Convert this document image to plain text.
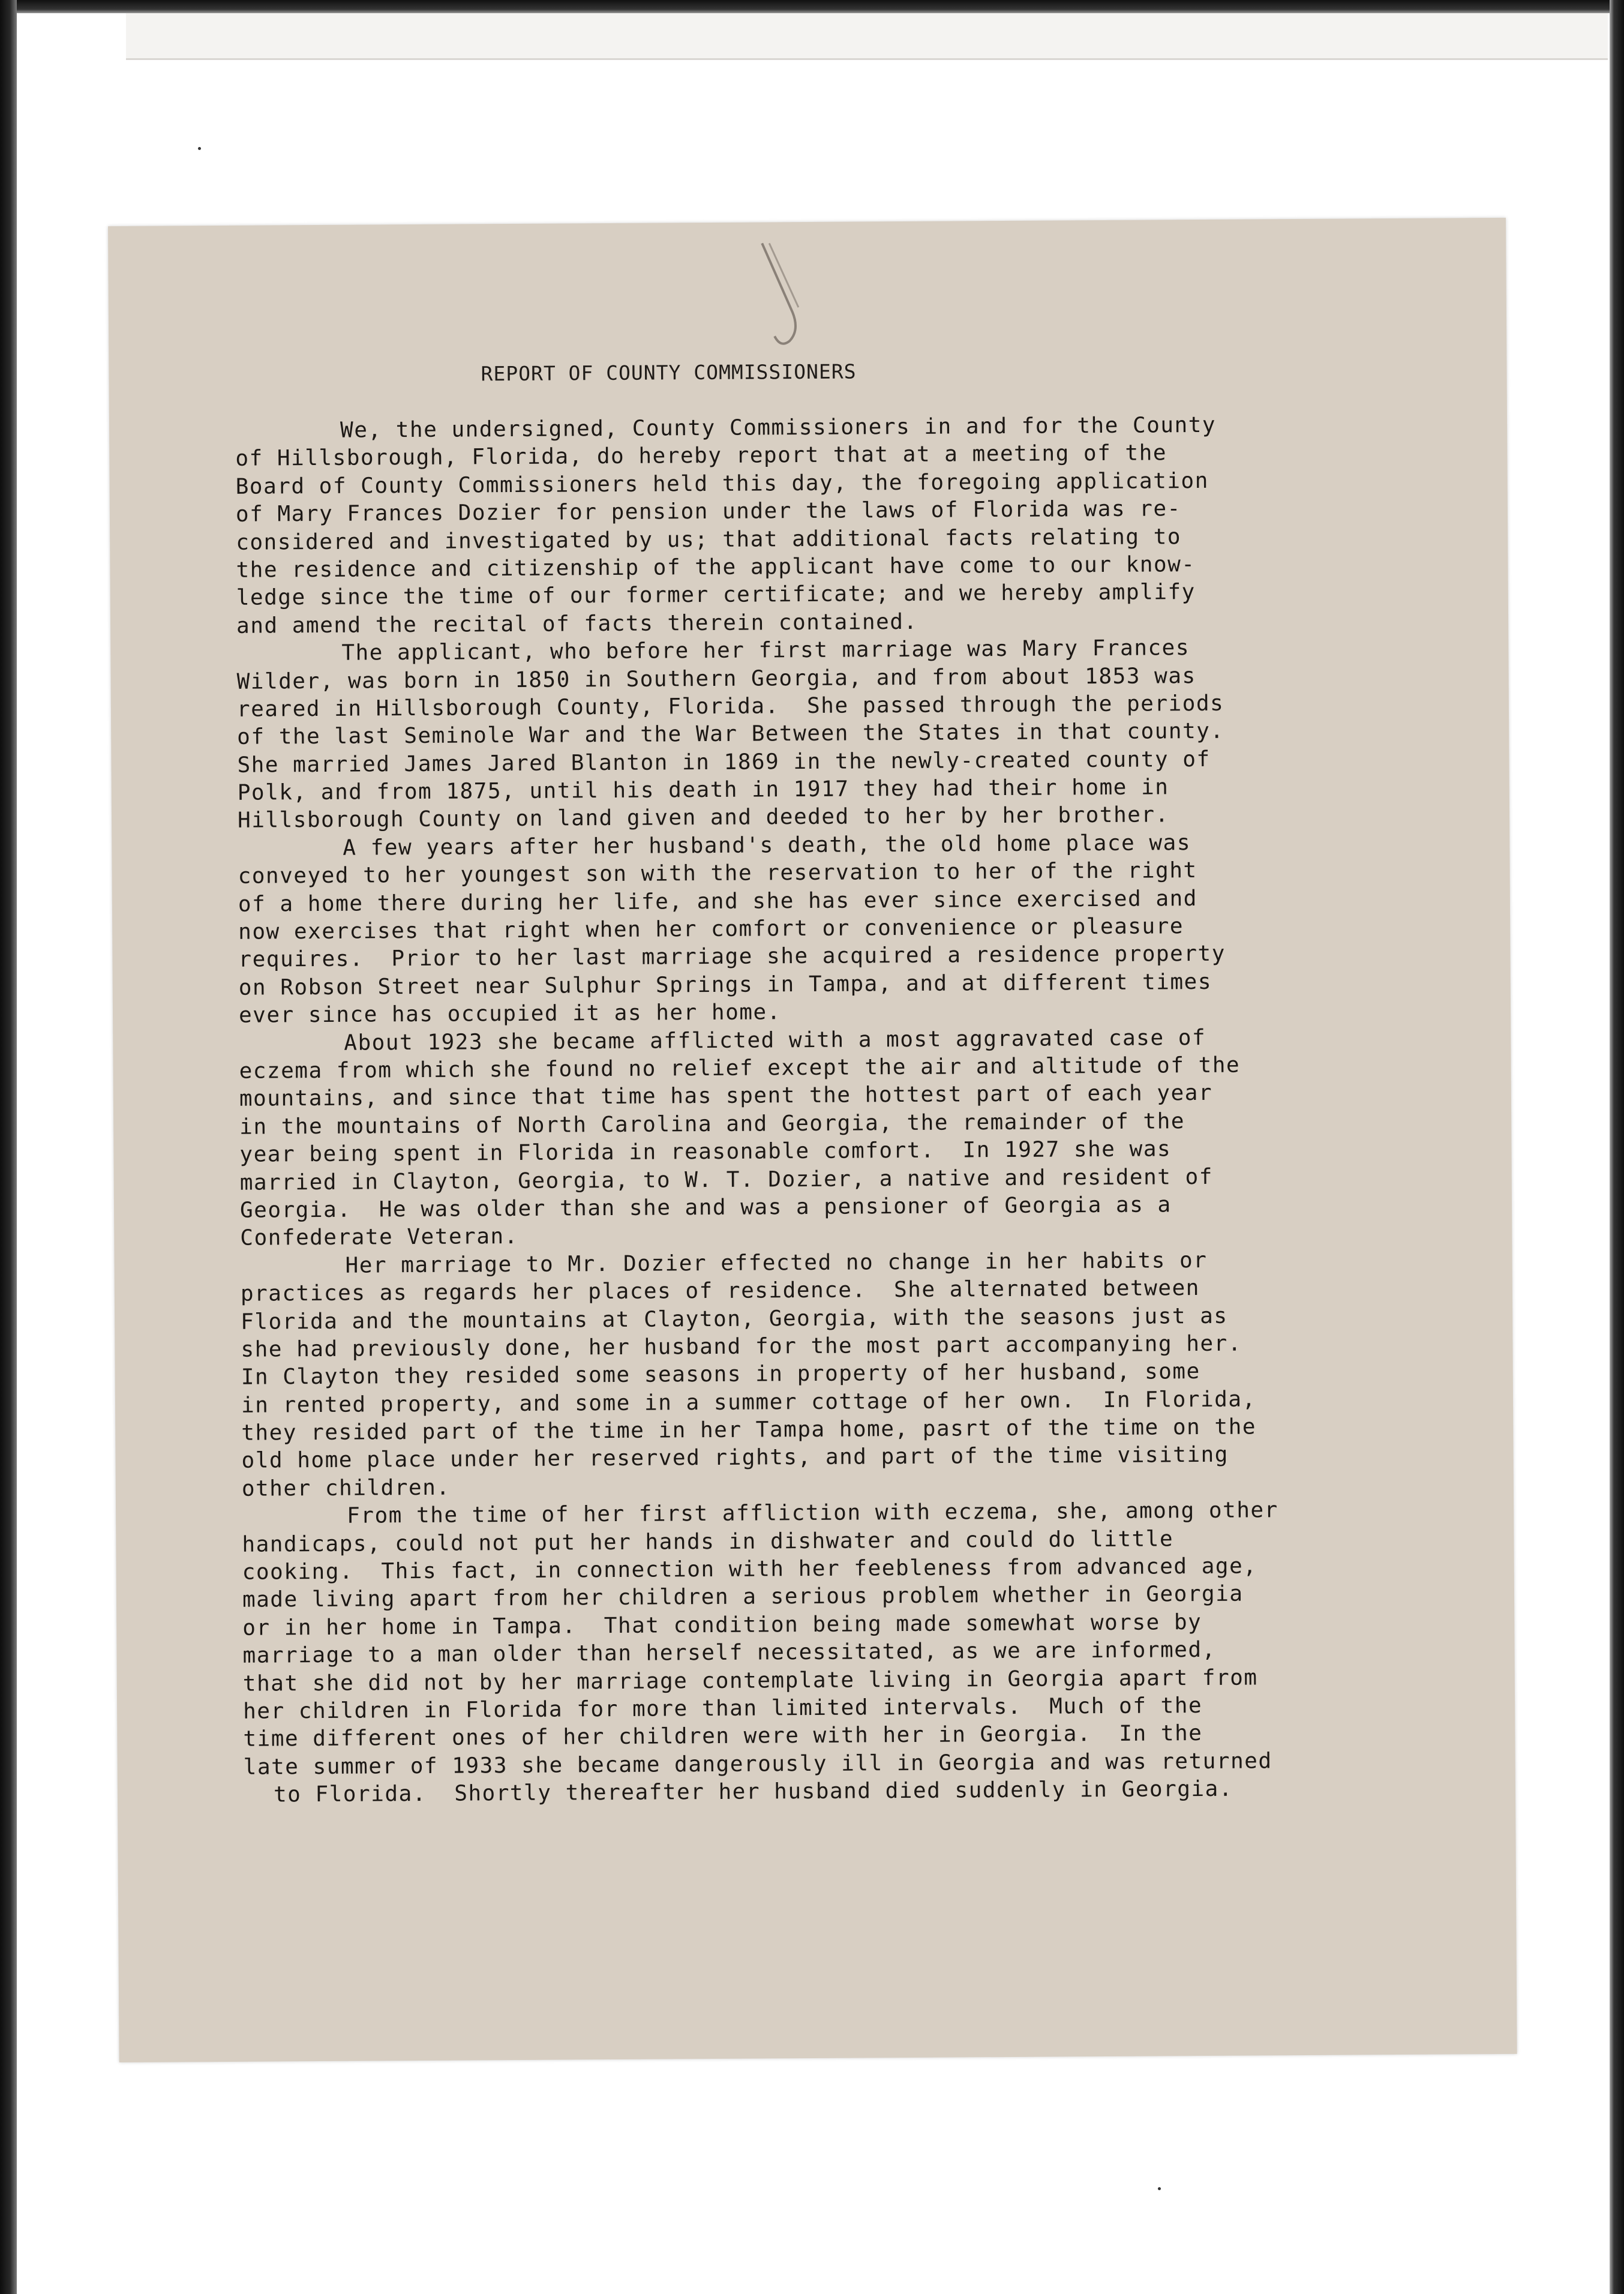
REPORT OF COUNTY COMMISSIONERS
We, the undersigned, County Commissioners in and for the County
of Hillsborough, Florida, do hereby report that at a meeting of the
Board of County Commissioners held this day, the foregoing application
of Mary Frances Dozier for pension under the laws of Florida was re-
considered and investigated by us; that additional facts relating to
the residence and citizenship of the applicant have come to our know-
ledge since the time of our former certificate; and we hereby amplify
and amend the recital of facts therein contained.
The applicant, who before her first marriage was Mary Frances
Wilder, was born in 1850 in Southern Georgia, and from about 1853 was
reared in Hillsborough County, Florida.  She passed through the periods
of the last Seminole War and the War Between the States in that county.
She married James Jared Blanton in 1869 in the newly-created county of
Polk, and from 1875, until his death in 1917 they had their home in
Hillsborough County on land given and deeded to her by her brother.
A few years after her husband's death, the old home place was
conveyed to her youngest son with the reservation to her of the right
of a home there during her life, and she has ever since exercised and
now exercises that right when her comfort or convenience or pleasure
requires.  Prior to her last marriage she acquired a residence property
on Robson Street near Sulphur Springs in Tampa, and at different times
ever since has occupied it as her home.
About 1923 she became afflicted with a most aggravated case of
eczema from which she found no relief except the air and altitude of the
mountains, and since that time has spent the hottest part of each year
in the mountains of North Carolina and Georgia, the remainder of the
year being spent in Florida in reasonable comfort.  In 1927 she was
married in Clayton, Georgia, to W. T. Dozier, a native and resident of
Georgia.  He was older than she and was a pensioner of Georgia as a
Confederate Veteran.
Her marriage to Mr. Dozier effected no change in her habits or
practices as regards her places of residence.  She alternated between
Florida and the mountains at Clayton, Georgia, with the seasons just as
she had previously done, her husband for the most part accompanying her.
In Clayton they resided some seasons in property of her husband, some
in rented property, and some in a summer cottage of her own.  In Florida,
they resided part of the time in her Tampa home, pasrt of the time on the
old home place under her reserved rights, and part of the time visiting
other children.
From the time of her first affliction with eczema, she, among other
handicaps, could not put her hands in dishwater and could do little
cooking.  This fact, in connection with her feebleness from advanced age,
made living apart from her children a serious problem whether in Georgia
or in her home in Tampa.  That condition being made somewhat worse by
marriage to a man older than herself necessitated, as we are informed,
that she did not by her marriage contemplate living in Georgia apart from
her children in Florida for more than limited intervals.  Much of the
time different ones of her children were with her in Georgia.  In the
late summer of 1933 she became dangerously ill in Georgia and was returned
to Florida.  Shortly thereafter her husband died suddenly in Georgia.
